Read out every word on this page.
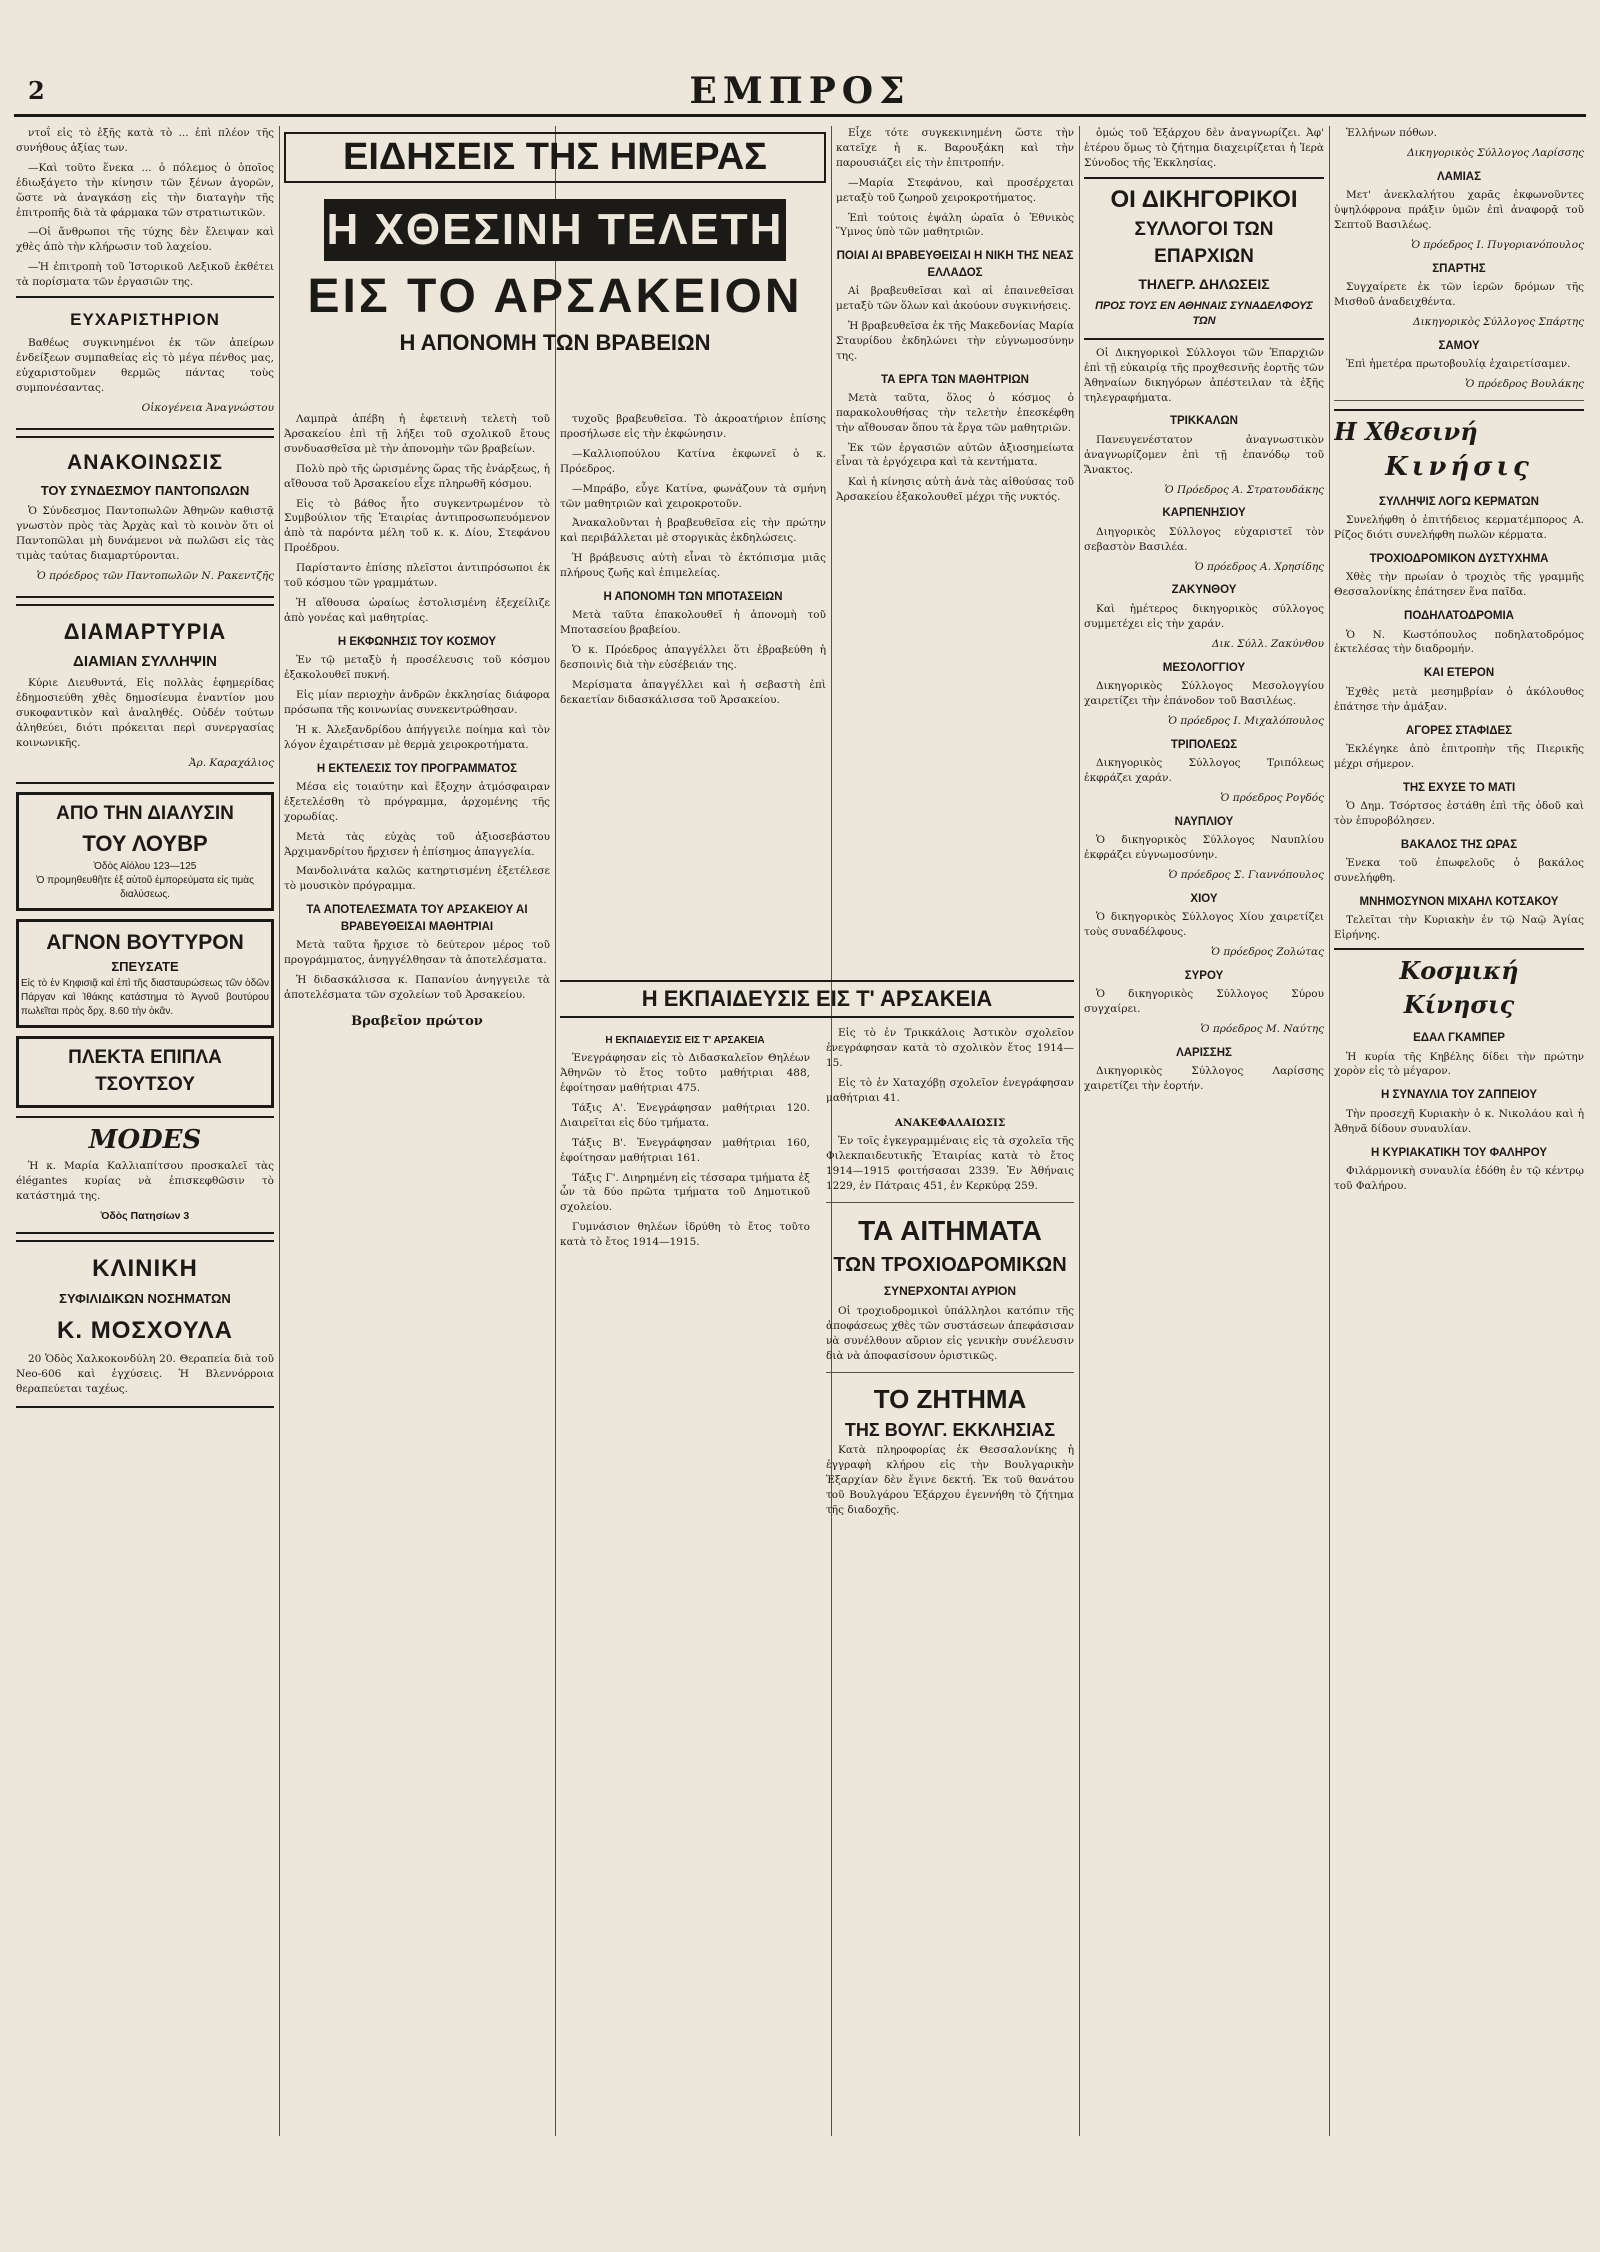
2	ΕΜΠΡΟΣ

ντοΐ εἰς τὸ ἑξῆς κατὰ τὸ ... ἐπὶ πλέον τῆς συνήθους ἀξίας των.

—Καὶ τοῦτο ἕνεκα ... ὁ πόλεμος ὁ ὁποῖος ἐδιωξάγετο τὴν κίνησιν τῶν ξένων ἀγορῶν, ὥστε νὰ ἀναγκάσῃ εἰς τὴν διαταγὴν τῆς ἐπιτροπῆς διὰ τὰ φάρμακα τῶν στρατιωτικῶν.

—Οἱ ἄνθρωποι τῆς τύχης δὲν ἔλειψαν καὶ χθὲς ἀπὸ τὴν κλήρωσιν τοῦ λαχείου.

—Ἡ ἐπιτροπὴ τοῦ Ἱστορικοῦ Λεξικοῦ ἐκθέτει τὰ πορίσματα τῶν ἐργασιῶν της.

ΕΥΧΑΡΙΣΤΗΡΙΟΝ

Βαθέως συγκινημένοι ἐκ τῶν ἀπείρων ἐνδείξεων συμπαθείας εἰς τὸ μέγα πένθος μας, εὐχαριστοῦμεν θερμῶς πάντας τοὺς συμπονέσαντας.

Οἰκογένεια Ἀναγνώστου
ΑΝΑΚΟΙΝΩΣΙΣ
ΤΟΥ ΣΥΝΔΕΣΜΟΥ ΠΑΝΤΟΠΩΛΩΝ

Ὁ Σύνδεσμος Παντοπωλῶν Ἀθηνῶν καθιστᾷ γνωστὸν πρὸς τὰς Ἀρχὰς καὶ τὸ κοινὸν ὅτι οἱ Παντοπῶλαι μὴ δυνάμενοι νὰ πωλῶσι εἰς τὰς τιμὰς ταύτας διαμαρτύρονται.

Ὁ πρόεδρος τῶν Παντοπωλῶν Ν. Ρακεντζῆς
ΔΙΑΜΑΡΤΥΡΙΑ
ΔΙΑΜΙΑΝ ΣΥΛΛΗΨΙΝ

Κύριε Διευθυντά, Εἰς πολλὰς ἐφημερίδας ἐδημοσιεύθη χθὲς δημοσίευμα ἐναντίον μου συκοφαντικὸν καὶ ἀναληθές. Οὐδέν τούτων ἀληθεύει, διότι πρόκειται περὶ συνεργασίας κοινωνικῆς.

Ἀρ. Καραχάλιος
ΑΠΟ ΤΗΝ ΔΙΑΛΥΣΙΝ
ΤΟΥ ΛΟΥΒΡ
Ὁδὸς Αἰόλου 123—125
Ὁ προμηθευθῆτε ἐξ αὐτοῦ ἐμπορεύματα εἰς τιμὰς διαλύσεως.
ΑΓΝΟΝ ΒΟΥΤΥΡΟΝ
ΣΠΕΥΣΑΤΕ
Εἰς τὸ ἐν Κηφισιᾷ καὶ ἐπὶ τῆς διασταυρώσεως τῶν ὁδῶν Πάργαν καὶ Ἰθάκης κατάστημα τὸ Ἀγνοῦ βουτύρου πωλεῖται πρὸς δρχ. 8.60 τὴν ὀκᾶν.
ΠΛΕΚΤΑ ΕΠΙΠΛΑ ΤΣΟΥΤΣΟΥ
MODES

Ἡ κ. Μαρία Καλλιαπίτσου προσκαλεῖ τὰς élégantes κυρίας νὰ ἐπισκεφθῶσιν τὸ κατάστημά της.

Ὁδὸς Πατησίων 3
ΚΛΙΝΙΚΗ
ΣΥΦΙΛΙΔΙΚΩΝ ΝΟΣΗΜΑΤΩΝ
Κ. ΜΟΣΧΟΥΛΑ

20 Ὁδὸς Χαλκοκονδύλη 20. Θεραπεία διὰ τοῦ Neo-606 καὶ ἐγχύσεις. Ἡ Βλεννόρροια θεραπεύεται ταχέως.

ΕΙΔΗΣΕΙΣ ΤΗΣ ΗΜΕΡΑΣ
Η ΧΘΕΣΙΝΗ ΤΕΛΕΤΗ
ΕΙΣ ΤΟ ΑΡΣΑΚΕΙΟΝ
Η ΑΠΟΝΟΜΗ ΤΩΝ ΒΡΑΒΕΙΩΝ

Λαμπρὰ ἀπέβη ἡ ἐφετεινὴ τελετὴ τοῦ Ἀρσακείου ἐπὶ τῇ λήξει τοῦ σχολικοῦ ἔτους συνδυασθεῖσα μὲ τὴν ἀπονομὴν τῶν βραβείων.

Πολὺ πρὸ τῆς ὡρισμένης ὥρας τῆς ἐνάρξεως, ἡ αἴθουσα τοῦ Ἀρσακείου εἶχε πληρωθῆ κόσμου.

Εἰς τὸ βάθος ἦτο συγκεντρωμένον τὸ Συμβούλιον τῆς Ἑταιρίας ἀντιπροσωπευόμενον ἀπὸ τὰ παρόντα μέλη τοῦ κ. κ. Δίου, Στεφάνου Προέδρου.

Παρίσταντο ἐπίσης πλεῖστοι ἀντιπρόσωποι ἐκ τοῦ κόσμου τῶν γραμμάτων.

Ἡ αἴθουσα ὡραίως ἐστολισμένη ἐξεχείλιζε ἀπὸ γονέας καὶ μαθητρίας.

Η ΕΚΦΩΝΗΣΙΣ ΤΟΥ ΚΟΣΜΟΥ

Ἐν τῷ μεταξὺ ἡ προσέλευσις τοῦ κόσμου ἐξακολουθεῖ πυκνή.

Εἰς μίαν περιοχὴν ἀνδρῶν ἐκκλησίας διάφορα πρόσωπα τῆς κοινωνίας συνεκεντρώθησαν.

Ἡ κ. Ἀλεξανδρίδου ἀπήγγειλε ποίημα καὶ τὸν λόγον ἐχαιρέτισαν μὲ θερμὰ χειροκροτήματα.

Η ΕΚΤΕΛΕΣΙΣ ΤΟΥ ΠΡΟΓΡΑΜΜΑΤΟΣ

Μέσα εἰς τοιαύτην καὶ ἔξοχην ἀτμόσφαιραν ἐξετελέσθη τὸ πρόγραμμα, ἀρχομένης τῆς χορωδίας.

Μετὰ τὰς εὐχὰς τοῦ ἀξιοσεβάστου Ἀρχιμανδρίτου ἤρχισεν ἡ ἐπίσημος ἀπαγγελία.

Μανδολινάτα καλῶς κατηρτισμένη ἐξετέλεσε τὸ μουσικὸν πρόγραμμα.

ΤΑ ΑΠΟΤΕΛΕΣΜΑΤΑ ΤΟΥ ΑΡΣΑΚΕΙΟΥ ΑΙ ΒΡΑΒΕΥΘΕΙΣΑΙ ΜΑΘΗΤΡΙΑΙ

Μετὰ ταῦτα ἤρχισε τὸ δεύτερον μέρος τοῦ προγράμματος, ἀνηγγέλθησαν τὰ ἀποτελέσματα.

Ἡ διδασκάλισσα κ. Παπανίου ἀνηγγειλε τὰ ἀποτελέσματα τῶν σχολείων τοῦ Ἀρσακείου.

Βραβεῖον πρώτον

τυχοῦς βραβευθεῖσα. Τὸ ἀκροατήριον ἐπίσης προσήλωσε εἰς τὴν ἐκφώνησιν.

—Καλλιοπούλου Κατίνα ἐκφωνεῖ ὁ κ. Πρόεδρος.

—Μπράβο, εὖγε Κατίνα, φωνάζουν τὰ σμήνη τῶν μαθητριῶν καὶ χειροκροτοῦν.

Ἀνακαλοῦνται ἡ βραβευθεῖσα εἰς τὴν πρώτην καὶ περιβάλλεται μὲ στοργικὰς ἐκδηλώσεις.

Ἡ βράβευσις αὐτὴ εἶναι τὸ ἐκτόπισμα μιᾶς πλήρους ζωῆς καὶ ἐπιμελείας.

Η ΑΠΟΝΟΜΗ ΤΩΝ ΜΠΟΤΑΣΕΙΩΝ

Μετὰ ταῦτα ἐπακολουθεῖ ἡ ἀπονομὴ τοῦ Μποτασείου βραβείου.

Ὁ κ. Πρόεδρος ἀπαγγέλλει ὅτι ἐβραβεύθη ἡ δεσποινὶς διὰ τὴν εὐσέβειάν της.

Μερίσματα ἀπαγγέλλει καὶ ἡ σεβαστὴ ἐπὶ δεκαετίαν διδασκάλισσα τοῦ Ἀρσακείου.

Η ΕΚΠΑΙΔΕΥΣΙΣ ΕΙΣ Τ' ΑΡΣΑΚΕΙΑ
Η ΕΚΠΑΙΔΕΥΣΙΣ ΕΙΣ Τ' ΑΡΣΑΚΕΙΑ

Ἐνεγράφησαν εἰς τὸ Διδασκαλεῖον Θηλέων Ἀθηνῶν τὸ ἔτος τοῦτο μαθήτριαι 488, ἐφοίτησαν μαθήτριαι 475.

Τάξις Α'. Ἐνεγράφησαν μαθήτριαι 120. Διαιρεῖται εἰς δύο τμήματα.

Τάξις Β'. Ἐνεγράφησαν μαθήτριαι 160, ἐφοίτησαν μαθήτριαι 161.

Τάξις Γ'. Διηρημένη εἰς τέσσαρα τμήματα ἐξ ὧν τὰ δύο πρῶτα τμήματα τοῦ Δημοτικοῦ σχολείου.

Γυμνάσιον θηλέων ἱδρύθη τὸ ἔτος τοῦτο κατὰ τὸ ἔτος 1914—1915.

Εἰς τὸ ἐν Τρικκάλοις Ἀστικὸν σχολεῖον ἐνεγράφησαν κατὰ τὸ σχολικὸν ἔτος 1914—15.

Εἰς τὸ ἐν Χαταχόβῃ σχολεῖον ἐνεγράφησαν μαθήτριαι 41.

ΑΝΑΚΕΦΑΛΑΙΩΣΙΣ

Ἐν τοῖς ἐγκεγραμμέναις εἰς τὰ σχολεῖα τῆς Φιλεκπαιδευτικῆς Ἑταιρίας κατὰ τὸ ἔτος 1914—1915 φοιτήσασαι 2339. Ἐν Ἀθήναις 1229, ἐν Πάτραις 451, ἐν Κερκύρᾳ 259.

ΤΑ ΑΙΤΗΜΑΤΑ
ΤΩΝ ΤΡΟΧΙΟΔΡΟΜΙΚΩΝ
ΣΥΝΕΡΧΟΝΤΑΙ ΑΥΡΙΟΝ

Οἱ τροχιοδρομικοὶ ὑπάλληλοι κατόπιν τῆς ἀποφάσεως χθὲς τῶν συστάσεων ἀπεφάσισαν νὰ συνέλθουν αὔριον εἰς γενικὴν συνέλευσιν διὰ νὰ ἀποφασίσουν ὁριστικῶς.

ΤΟ ΖΗΤΗΜΑ
ΤΗΣ ΒΟΥΛΓ. ΕΚΚΛΗΣΙΑΣ

Κατὰ πληροφορίας ἐκ Θεσσαλονίκης ἡ ἐγγραφὴ κλήρου εἰς τὴν Βουλγαρικὴν Ἐξαρχίαν δὲν ἔγινε δεκτή. Ἐκ τοῦ θανάτου τοῦ Βουλγάρου Ἐξάρχου ἐγεννήθη τὸ ζήτημα τῆς διαδοχῆς.

Εἶχε τότε συγκεκινημένη ὥστε τὴν κατεῖχε ἡ κ. Βαρουξάκη καὶ τὴν παρουσιάζει εἰς τὴν ἐπιτροπήν.

—Μαρία Στεφάνου, καὶ προσέρχεται μεταξὺ τοῦ ζωηροῦ χειροκροτήματος.

Ἐπὶ τούτοις ἐψάλη ὡραῖα ὁ Ἐθνικὸς Ὕμνος ὑπὸ τῶν μαθητριῶν.

ΠΟΙΑΙ ΑΙ ΒΡΑΒΕΥΘΕΙΣΑΙ Η ΝΙΚΗ ΤΗΣ ΝΕΑΣ ΕΛΛΑΔΟΣ

Αἱ βραβευθεῖσαι καὶ αἱ ἐπαινεθεῖσαι μεταξὺ τῶν ὅλων καὶ ἀκούουν συγκινήσεις.

Ἡ βραβευθεῖσα ἐκ τῆς Μακεδονίας Μαρία Σταυρίδου ἐκδηλώνει τὴν εὐγνωμοσύνην της.

ΤΑ ΕΡΓΑ ΤΩΝ ΜΑΘΗΤΡΙΩΝ

Μετὰ ταῦτα, ὅλος ὁ κόσμος ὁ παρακολουθήσας τὴν τελετὴν ἐπεσκέφθη τὴν αἴθουσαν ὅπου τὰ ἔργα τῶν μαθητριῶν.

Ἐκ τῶν ἐργασιῶν αὐτῶν ἀξιοσημείωτα εἶναι τὰ ἐργόχειρα καὶ τὰ κεντήματα.

Καὶ ἡ κίνησις αὐτὴ ἀνὰ τὰς αἰθούσας τοῦ Ἀρσακείου ἐξακολουθεῖ μέχρι τῆς νυκτός.

ὁμώς τοῦ Ἐξάρχου δὲν ἀναγνωρίζει. Ἀφ' ἑτέρου ὅμως τὸ ζήτημα διαχειρίζεται ἡ Ἱερὰ Σύνοδος τῆς Ἐκκλησίας.

ΟΙ ΔΙΚΗΓΟΡΙΚΟΙ
ΣΥΛΛΟΓΟΙ ΤΩΝ ΕΠΑΡΧΙΩΝ
ΤΗΛΕΓΡ. ΔΗΛΩΣΕΙΣ
ΠΡΟΣ ΤΟΥΣ ΕΝ ΑΘΗΝΑΙΣ ΣΥΝΑΔΕΛΦΟΥΣ ΤΩΝ

Οἱ Δικηγορικοὶ Σύλλογοι τῶν Ἐπαρχιῶν ἐπὶ τῇ εὐκαιρίᾳ τῆς προχθεσινῆς ἑορτῆς τῶν Ἀθηναίων δικηγόρων ἀπέστειλαν τὰ ἑξῆς τηλεγραφήματα.

ΤΡΙΚΚΑΛΩΝ

Πανευγενέστατον ἀναγνωστικὸν ἀναγνωρίζομεν ἐπὶ τῇ ἐπανόδῳ τοῦ Ἄνακτος.

Ὁ Πρόεδρος Α. Στρατουδάκης
ΚΑΡΠΕΝΗΣΙΟΥ

Διηγορικὸς Σύλλογος εὐχαριστεῖ τὸν σεβαστὸν Βασιλέα.

Ὁ πρόεδρος Α. Χρησίδης
ΖΑΚΥΝΘΟΥ

Καὶ ἡμέτερος δικηγορικὸς σύλλογος συμμετέχει εἰς τὴν χαράν.

Δικ. Σύλλ. Ζακύνθου
ΜΕΣΟΛΟΓΓΙΟΥ

Δικηγορικὸς Σύλλογος Μεσολογγίου χαιρετίζει τὴν ἐπάνοδον τοῦ Βασιλέως.

Ὁ πρόεδρος Ι. Μιχαλόπουλος
ΤΡΙΠΟΛΕΩΣ

Δικηγορικὸς Σύλλογος Τριπόλεως ἐκφράζει χαράν.

Ὁ πρόεδρος Ρογδός
ΝΑΥΠΛΙΟΥ

Ὁ δικηγορικὸς Σύλλογος Ναυπλίου ἐκφράζει εὐγνωμοσύνην.

Ὁ πρόεδρος Σ. Γιαννόπουλος
ΧΙΟΥ

Ὁ δικηγορικὸς Σύλλογος Χίου χαιρετίζει τοὺς συναδέλφους.

Ὁ πρόεδρος Ζολώτας
ΣΥΡΟΥ

Ὁ δικηγορικὸς Σύλλογος Σύρου συγχαίρει.

Ὁ πρόεδρος Μ. Ναύτης
ΛΑΡΙΣΣΗΣ

Δικηγορικὸς Σύλλογος Λαρίσσης χαιρετίζει τὴν ἑορτήν.

Ἑλλήνων πόθων.

Δικηγορικὸς Σύλλογος Λαρίσσης
ΛΑΜΙΑΣ

Μετ' ἀνεκλαλήτου χαρᾶς ἐκφωνοῦντες ὑψηλόφρονα πράξιν ὑμῶν ἐπὶ ἀναφορᾷ τοῦ Σεπτοῦ Βασιλέως.

Ὁ πρόεδρος Ι. Πυγοριανόπουλος
ΣΠΑΡΤΗΣ

Συγχαίρετε ἐκ τῶν ἱερῶν δρόμων τῆς Μισθοῦ ἀναδειχθέντα.

Δικηγορικὸς Σύλλογος Σπάρτης
ΣΑΜΟΥ

Ἐπὶ ἡμετέρα πρωτοβουλίᾳ ἐχαιρετίσαμεν.

Ὁ πρόεδρος Βουλάκης
Η Χθεσινή
Κινήσις
ΣΥΛΛΗΨΙΣ ΛΟΓΩ ΚΕΡΜΑΤΩΝ

Συνελήφθη ὁ ἐπιτήδειος κερματέμπορος Α. Ρίζος διότι συνελήφθη πωλῶν κέρματα.

ΤΡΟΧΙΟΔΡΟΜΙΚΟΝ ΔΥΣΤΥΧΗΜΑ

Χθὲς τὴν πρωίαν ὁ τροχιὸς τῆς γραμμῆς Θεσσαλονίκης ἐπάτησεν ἕνα παῖδα.

ΠΟΔΗΛΑΤΟΔΡΟΜΙΑ

Ὁ Ν. Κωστόπουλος ποδηλατοδρόμος ἐκτελέσας τὴν διαδρομήν.

ΚΑΙ ΕΤΕΡΟΝ

Ἐχθὲς μετὰ μεσημβρίαν ὁ ἀκόλουθος ἐπάτησε τὴν ἁμάξαν.

ΑΓΟΡΕΣ ΣΤΑΦΙΔΕΣ

Ἐκλέγηκε ἀπὸ ἐπιτροπὴν τῆς Πιερικῆς μέχρι σήμερον.

ΤΗΣ ΕΧΥΣΕ ΤΟ ΜΑΤΙ

Ὁ Δημ. Τσόρτσος ἐστάθη ἐπὶ τῆς ὁδοῦ καὶ τὸν ἐπυροβόλησεν.

ΒΑΚΑΛΟΣ ΤΗΣ ΩΡΑΣ

Ἐνεκα τοῦ ἐπωφελοῦς ὁ βακάλος συνελήφθη.

ΜΝΗΜΟΣΥΝΟΝ ΜΙΧΑΗΛ ΚΟΤΣΑΚΟΥ

Τελεῖται τὴν Κυριακὴν ἐν τῷ Ναῷ Ἁγίας Εἰρήνης.

Κοσμική
Κίνησις
ΕΔΑΛ ΓΚΑΜΠΕΡ

Ἡ κυρία τῆς Κηβέλης δίδει τὴν πρώτην χορὸν εἰς τὸ μέγαρον.

Η ΣΥΝΑΥΛΙΑ ΤΟΥ ΖΑΠΠΕΙΟΥ

Τὴν προσεχῆ Κυριακὴν ὁ κ. Νικολάου καὶ ἡ Ἀθηνᾶ δίδουν συναυλίαν.

Η ΚΥΡΙΑΚΑΤΙΚΗ ΤΟΥ ΦΑΛΗΡΟΥ

Φιλάρμονικὴ συναυλία ἐδόθη ἐν τῷ κέντρῳ τοῦ Φαλήρου.
